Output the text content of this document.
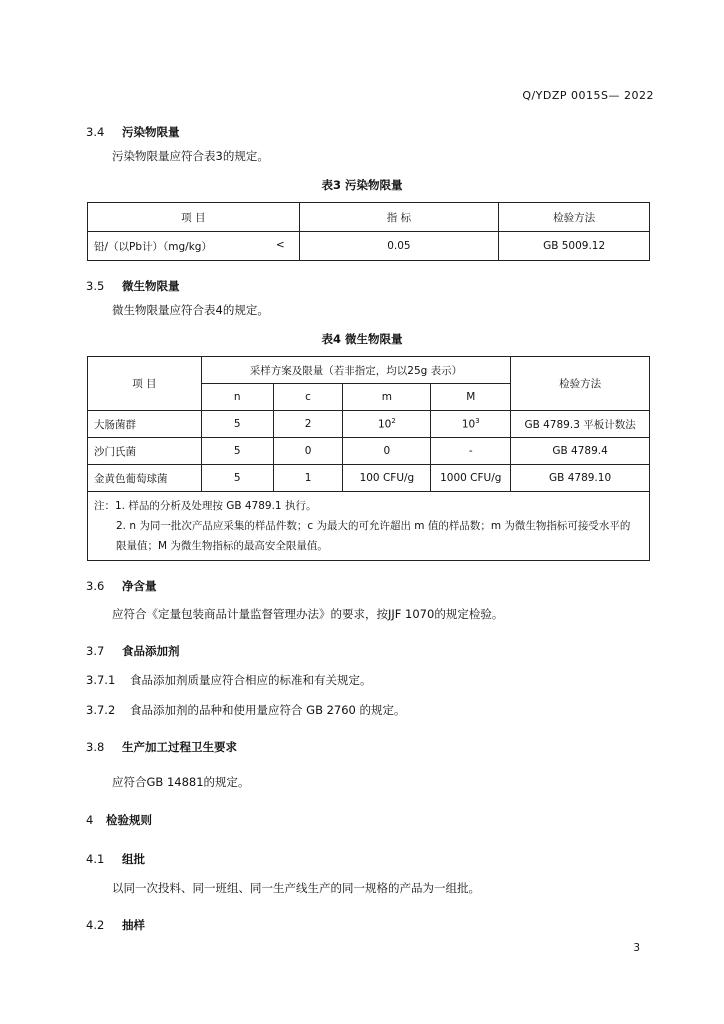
Q/YDZP 0015S— 2022
3.4 污染物限量
污染物限量应符合表3的规定。
表3 污染物限量
项 目	指 标	检验方法
铅/（以Pb计）（mg/kg） <	0.05	GB 5009.12
3.5 微生物限量
微生物限量应符合表4的规定。
表4 微生物限量
项 目	采样方案及限量（若非指定，均以25g 表示）				检验方法
	n	c	m	M	
大肠菌群	5	2	$10^2$	$10^3$	GB 4789.3 平板计数法
沙门氏菌	5	0	0	-	GB 4789.4
金黄色葡萄球菌	5	1	100 CFU/g	1000 CFU/g	GB 4789.10

注：1. 样品的分析及处理按 GB 4789.1 执行。
2. n 为同一批次产品应采集的样品件数；c 为最大的可允许超出 m 值的样品数；m 为微生物指标可接受水平的限量值；M 为微生物指标的最高安全限量值。					
3.6 净含量
应符合《定量包装商品计量监督管理办法》的要求，按JJF 1070的规定检验。
3.7 食品添加剂
3.7.1 食品添加剂质量应符合相应的标准和有关规定。
3.7.2 食品添加剂的品种和使用量应符合 GB 2760 的规定。
3.8 生产加工过程卫生要求
应符合GB 14881的规定。
4 检验规则
4.1 组批
以同一次投料、同一班组、同一生产线生产的同一规格的产品为一组批。
4.2 抽样
3
